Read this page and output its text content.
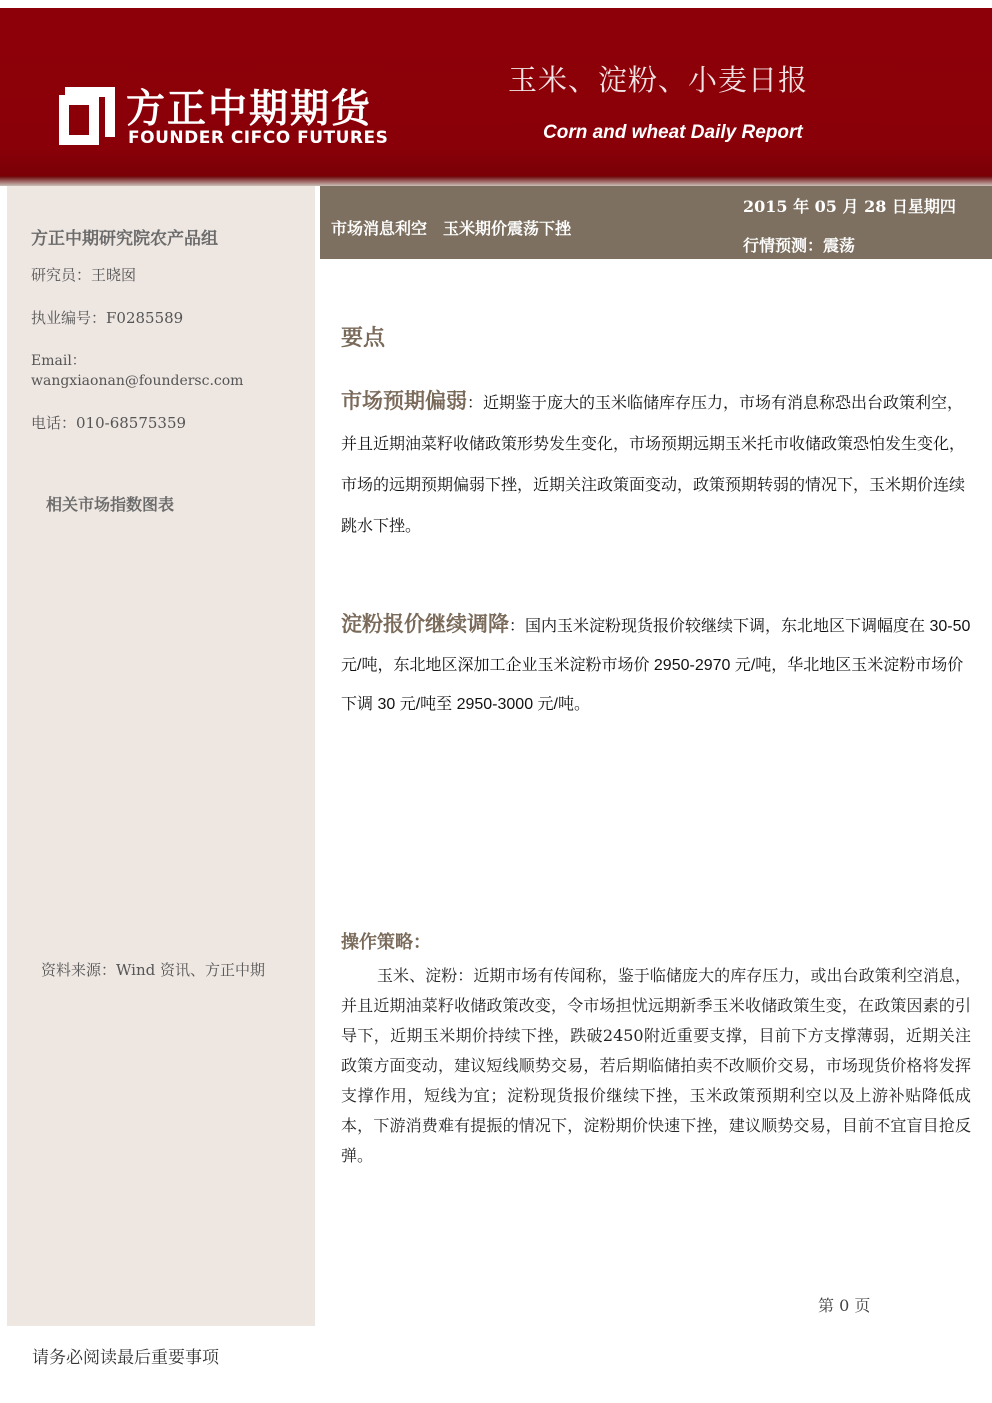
方正中期期货
FOUNDER CIFCO FUTURES
玉米、淀粉、小麦日报
Corn and wheat Daily Report
方正中期研究院农产品组
研究员：王晓囡
执业编号：F0285589
Email：
wangxiaonan@foundersc.com
电话：010-68575359
相关市场指数图表
资料来源：Wind 资讯、方正中期
市场消息利空　玉米期价震荡下挫
2015 年 05 月 28 日星期四
行情预测：震荡
要点
市场预期偏弱：近期鉴于庞大的玉米临储库存压力，市场有消息称恐出台政策利空，并且近期油菜籽收储政策形势发生变化，市场预期远期玉米托市收储政策恐怕发生变化，市场的远期预期偏弱下挫，近期关注政策面变动，政策预期转弱的情况下，玉米期价连续跳水下挫。
淀粉报价继续调降：国内玉米淀粉现货报价较继续下调，东北地区下调幅度在 30-50 元/吨，东北地区深加工企业玉米淀粉市场价 2950-2970 元/吨，华北地区玉米淀粉市场价下调 30 元/吨至 2950-3000 元/吨。
操作策略：
玉米、淀粉：近期市场有传闻称，鉴于临储庞大的库存压力，或出台政策利空消息，并且近期油菜籽收储政策改变，令市场担忧远期新季玉米收储政策生变，在政策因素的引导下，近期玉米期价持续下挫，跌破2450附近重要支撑，目前下方支撑薄弱，近期关注政策方面变动，建议短线顺势交易，若后期临储拍卖不改顺价交易，市场现货价格将发挥支撑作用，短线为宜；淀粉现货报价继续下挫，玉米政策预期利空以及上游补贴降低成本，下游消费难有提振的情况下，淀粉期价快速下挫，建议顺势交易，目前不宜盲目抢反弹。
第 0 页
请务必阅读最后重要事项
